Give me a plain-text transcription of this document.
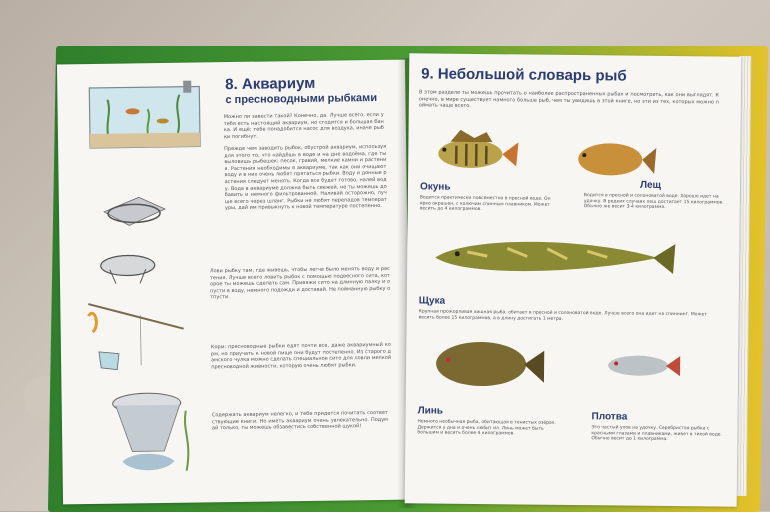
8. Аквариум
с пресноводными рыбками
Можно ли завести такой? Конечно, да. Лучше всего, если у тебя есть настоящий аквариум, но сгодится и большая банка. И ещё: тебе понадобится насос для воздуха, иначе рыбки погибнут.
Прежде чем заводить рыбок, обустрой аквариум, используя для этого то, что найдёшь в воде и на дне водоёма, где ты выловишь рыбешек: песок, гравий, мелкие камни и растения. Растения необходимы в аквариуме, так как они очищают воду и в них очень любят прятаться рыбки. Воду и донные растения следует менять. Когда все будет готово, налей воду. Вода в аквариуме должна быть свежей, не ты можешь добавить и немного фильтрованной. Наливай осторожно, лучше всего через шланг. Рыбки не любят перепадов температуры, дай им привыкнуть к новой температуре постепенно.
Лови рыбку там, где живешь, чтобы легче было менять воду и растения. Лучше всего ловить рыбок с помощью подвесного сита, которое ты можешь сделать сам. Привяжи сито на длинную палку и опусти в воду, немного подожди и доставай. Не пойманную рыбку отпусти.
Корм: пресноводные рыбки едят почти все, даже аквариумный корм, но приучать к новой пище они будут постепенно. Из старого дамского чулка можно сделать специальное сито для ловли мелкой пресноводной живности, которую очень любят рыбки.
Содержать аквариум нелегко, и тебе придется почитать соответствующие книги. Но иметь аквариум очень увлекательно. Подумай только, ты можешь обзавестись собственной щукой!
9. Небольшой словарь рыб
В этом разделе ты можешь прочитать о наиболее распространенных рыбах и посмотреть, как они выглядят. Конечно, в мире существует намного больше рыб, чем ты увидишь в этой книге, но эти из тех, которых можно поймать чаще всего.
Окунь
Водится практически повсеместно в пресной воде. Он ярко окрашен, с колючим спинным плавником. Может весить до 4 килограммов.
Лещ
Водится в пресной и солоноватой воде. Хорошо идет на удочку. В редких случаях лещ достигает 15 килограммов. Обычно же весит 3-4 килограмма.
Щука
Крупная прожорливая хищная рыба, обитает в пресной и солоноватой воде. Лучше всего она идет на спиннинг. Может весить более 15 килограммов, а в длину достигать 1 метра.
Линь
Немного необычная рыба, обитающая в тенистых озёрах. Держится у дна и очень любит ил. Линь может быть большим и весить более 4 килограммов.
Плотва
Это частый улов на удочку. Серебристая рыбка с красными глазами и плавниками, живет в тихой воде. Обычно весит до 1 килограмма.
